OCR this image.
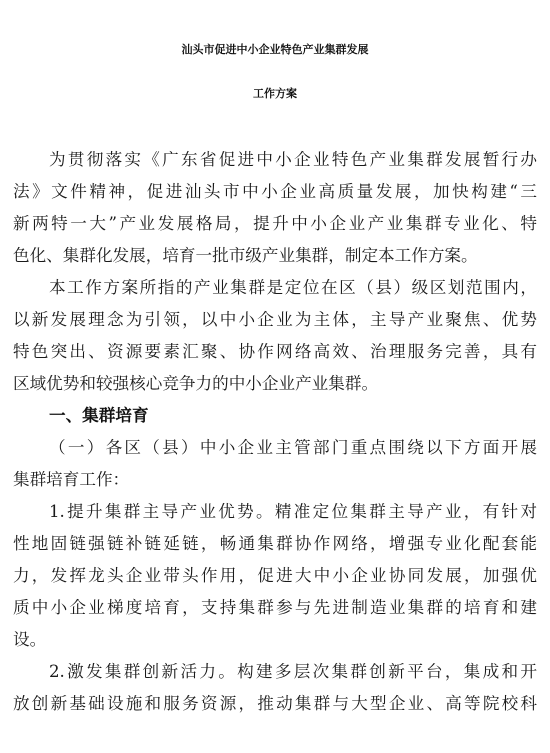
汕头市促进中小企业特色产业集群发展
工作方案
为贯彻落实《广东省促进中小企业特色产业集群发展暂行办
法》文件精神，促进汕头市中小企业高质量发展，加快构建“三
新两特一大”产业发展格局，提升中小企业产业集群专业化、特
色化、集群化发展，培育一批市级产业集群，制定本工作方案。
本工作方案所指的产业集群是定位在区（县）级区划范围内，
以新发展理念为引领，以中小企业为主体，主导产业聚焦、优势
特色突出、资源要素汇聚、协作网络高效、治理服务完善，具有
区域优势和较强核心竞争力的中小企业产业集群。
一、集群培育
（一）各区（县）中小企业主管部门重点围绕以下方面开展
集群培育工作：
1.提升集群主导产业优势。精准定位集群主导产业，有针对
性地固链强链补链延链，畅通集群协作网络，增强专业化配套能
力，发挥龙头企业带头作用，促进大中小企业协同发展，加强优
质中小企业梯度培育，支持集群参与先进制造业集群的培育和建
设。
2.激发集群创新活力。构建多层次集群创新平台，集成和开
放创新基础设施和服务资源，推动集群与大型企业、高等院校科
